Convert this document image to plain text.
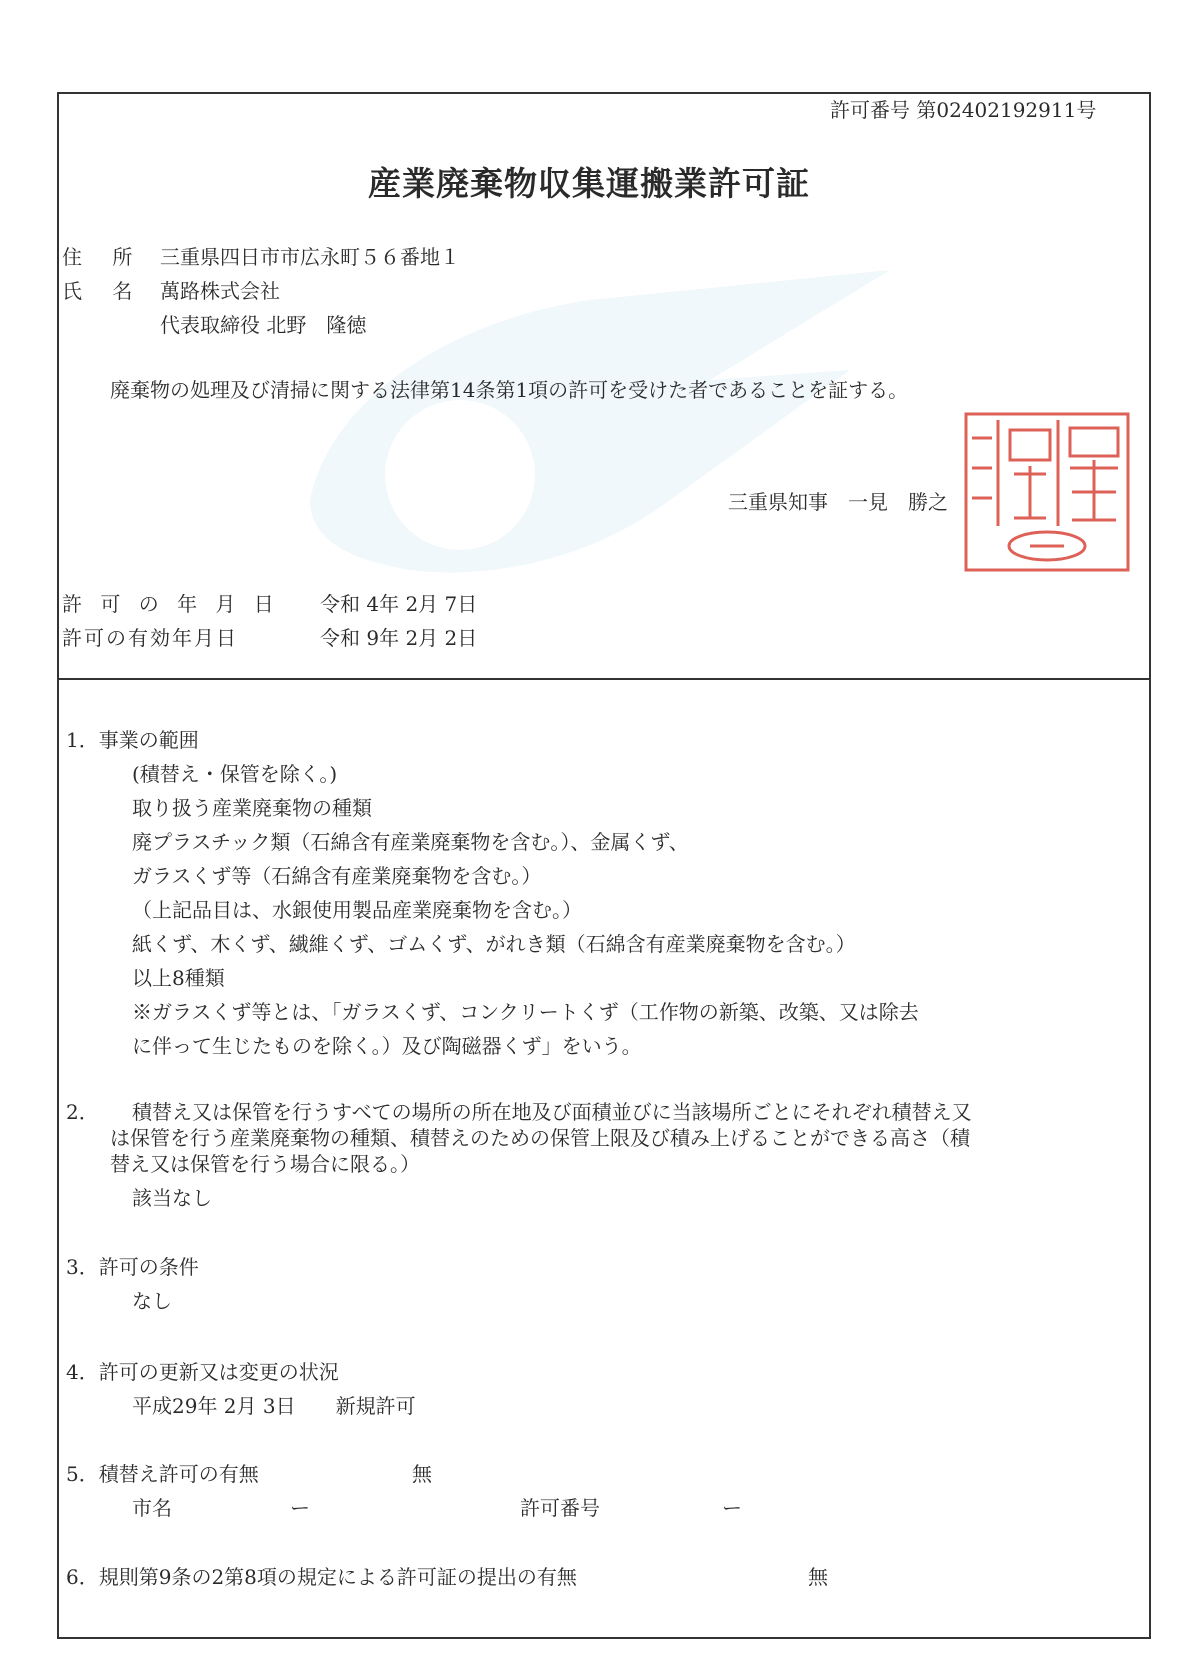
許可番号 第02402192911号
産業廃棄物収集運搬業許可証
住 所 三重県四日市市広永町５６番地１
氏 名 萬路株式会社
代表取締役 北野　隆徳
廃棄物の処理及び清掃に関する法律第14条第1項の許可を受けた者であることを証する。
三重県知事　一見　勝之
許 可 の 年 月 日 令和 4年 2月 7日
許可の有効年月日	令和 9年 2月 2日
1．事業の範囲
(積替え・保管を除く。)
取り扱う産業廃棄物の種類
廃プラスチック類（石綿含有産業廃棄物を含む。）、金属くず、
ガラスくず等（石綿含有産業廃棄物を含む。）
（上記品目は、水銀使用製品産業廃棄物を含む。）
紙くず、木くず、繊維くず、ゴムくず、がれき類（石綿含有産業廃棄物を含む。）
以上8種類
※ガラスくず等とは、「ガラスくず、コンクリートくず（工作物の新築、改築、又は除去
に伴って生じたものを除く。）及び陶磁器くず」をいう。
2． 積替え又は保管を行うすべての場所の所在地及び面積並びに当該場所ごとにそれぞれ積替え又
は保管を行う産業廃棄物の種類、積替えのための保管上限及び積み上げることができる高さ（積
替え又は保管を行う場合に限る。）
該当なし
3．許可の条件
なし
4．許可の更新又は変更の状況
平成29年 2月 3日　　新規許可
5．積替え許可の有無	無
市名	ー	許可番号	ー
6．規則第9条の2第8項の規定による許可証の提出の有無	無
